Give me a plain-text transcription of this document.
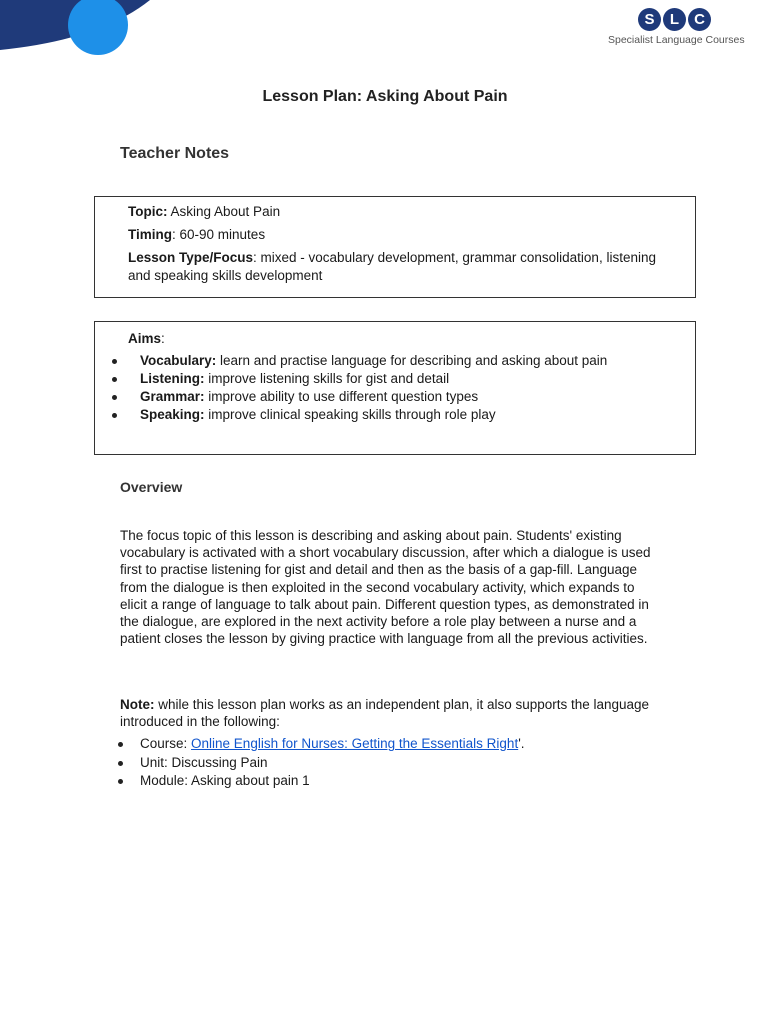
S	L	C
Specialist Language Courses
Lesson Plan: Asking About Pain
Teacher Notes

Topic: Asking About Pain

Timing: 60-90 minutes

Lesson Type/Focus: mixed - vocabulary development, grammar consolidation, listening and speaking skills development

Aims:
Vocabulary: learn and practise language for describing and asking about pain
Listening: improve listening skills for gist and detail
Grammar: improve ability to use different question types
Speaking: improve clinical speaking skills through role play
Overview

The focus topic of this lesson is describing and asking about pain. Students' existing vocabulary is activated with a short vocabulary discussion, after which a dialogue is used first to practise listening for gist and detail and then as the basis of a gap-fill. Language from the dialogue is then exploited in the second vocabulary activity, which expands to elicit a range of language to talk about pain. Different question types, as demonstrated in the dialogue, are explored in the next activity before a role play between a nurse and a patient closes the lesson by giving practice with language from all the previous activities.

Note: while this lesson plan works as an independent plan, it also supports the language introduced in the following:

Course: Online English for Nurses: Getting the Essentials Right'.
Unit: Discussing Pain
Module: Asking about pain 1
